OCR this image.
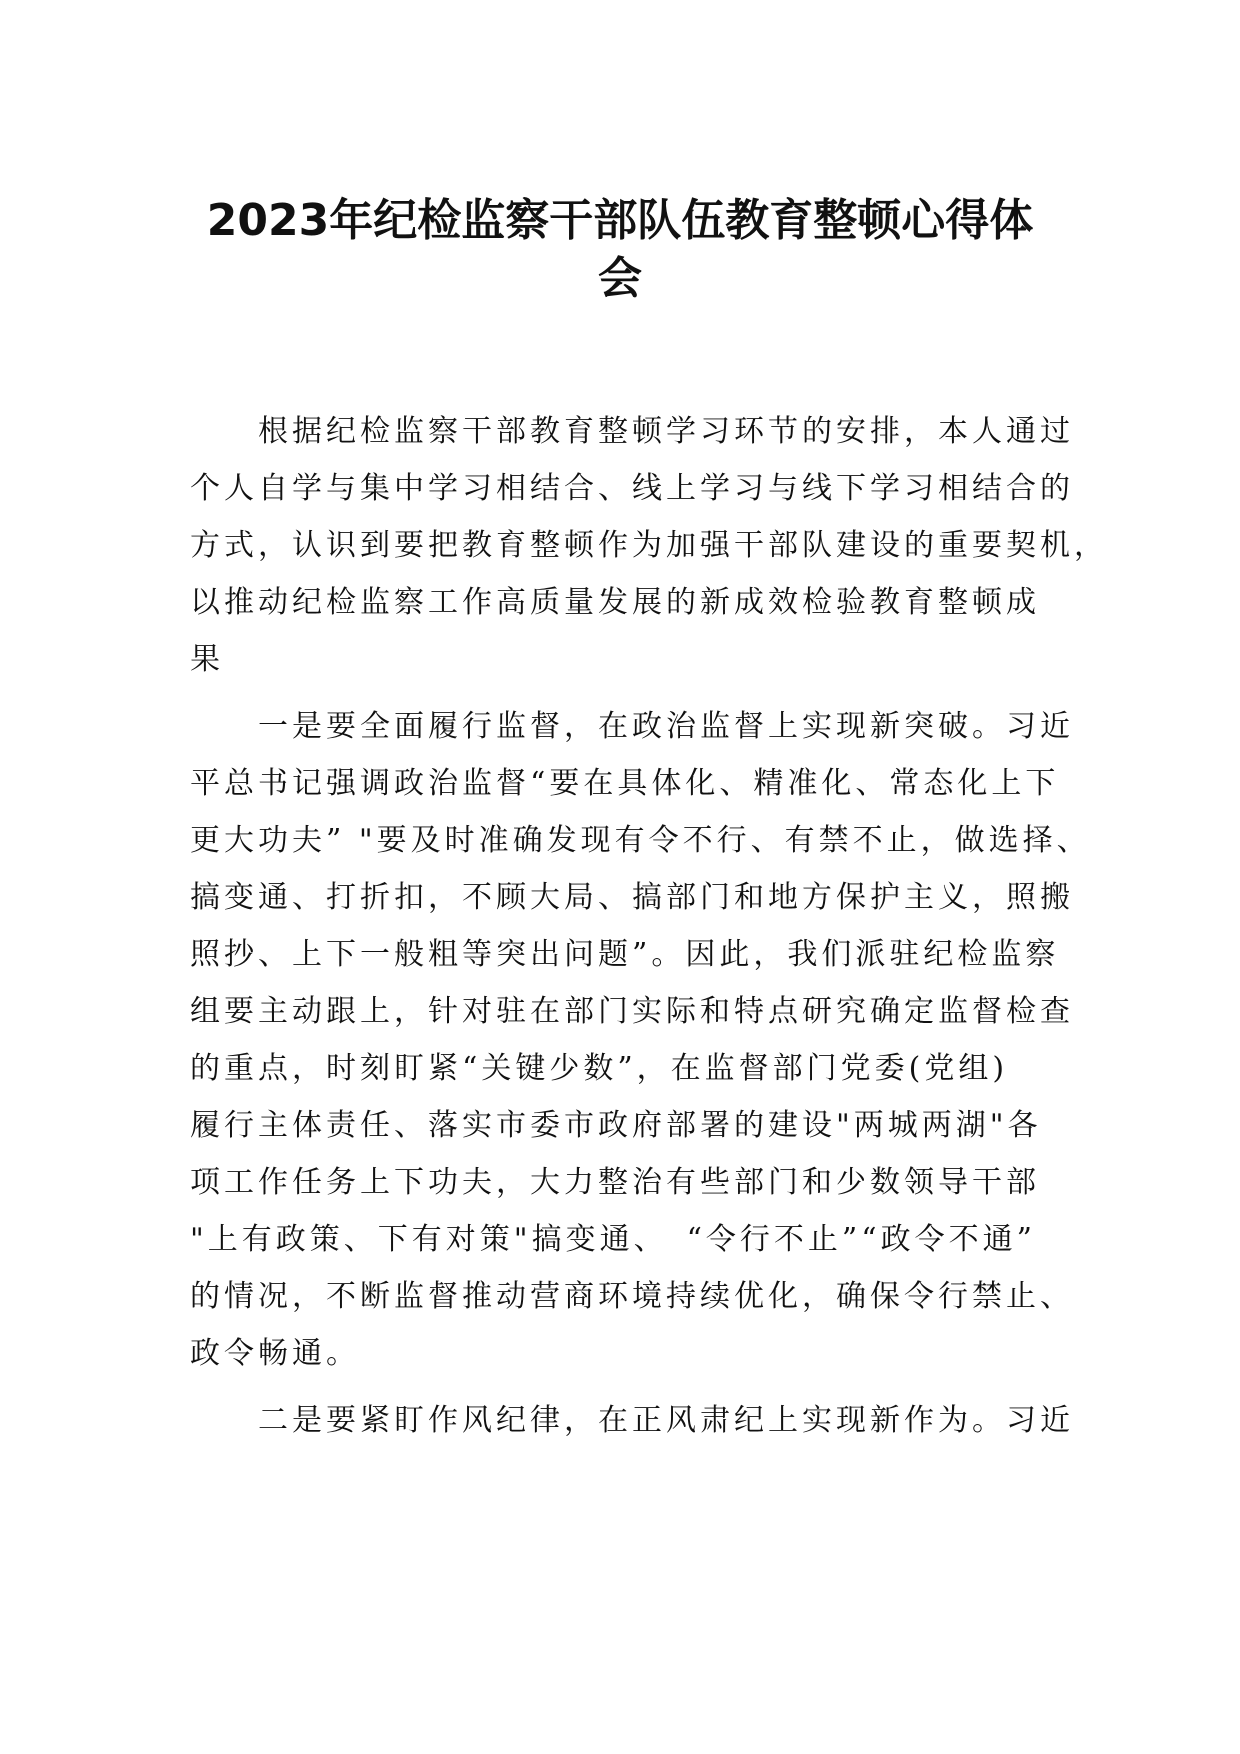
2023年纪检监察干部队伍教育整顿心得体
会

　　根据纪检监察干部教育整顿学习环节的安排，本人通过
个人自学与集中学习相结合、线上学习与线下学习相结合的
方式，认识到要把教育整顿作为加强干部队建设的重要契机，
以推动纪检监察工作高质量发展的新成效检验教育整顿成
果

　　一是要全面履行监督，在政治监督上实现新突破。习近
平总书记强调政治监督“要在具体化、精准化、常态化上下
更大功夫” "要及时准确发现有令不行、有禁不止，做选择、
搞变通、打折扣，不顾大局、搞部门和地方保护主义，照搬
照抄、上下一般粗等突出问题”。因此，我们派驻纪检监察
组要主动跟上，针对驻在部门实际和特点研究确定监督检查
的重点，时刻盯紧“关键少数”，在监督部门党委(党组)
履行主体责任、落实市委市政府部署的建设"两城两湖"各
项工作任务上下功夫，大力整治有些部门和少数领导干部
"上有政策、下有对策"搞变通、　“令行不止”“政令不通”
的情况，不断监督推动营商环境持续优化，确保令行禁止、
政令畅通。

　　二是要紧盯作风纪律，在正风肃纪上实现新作为。习近
